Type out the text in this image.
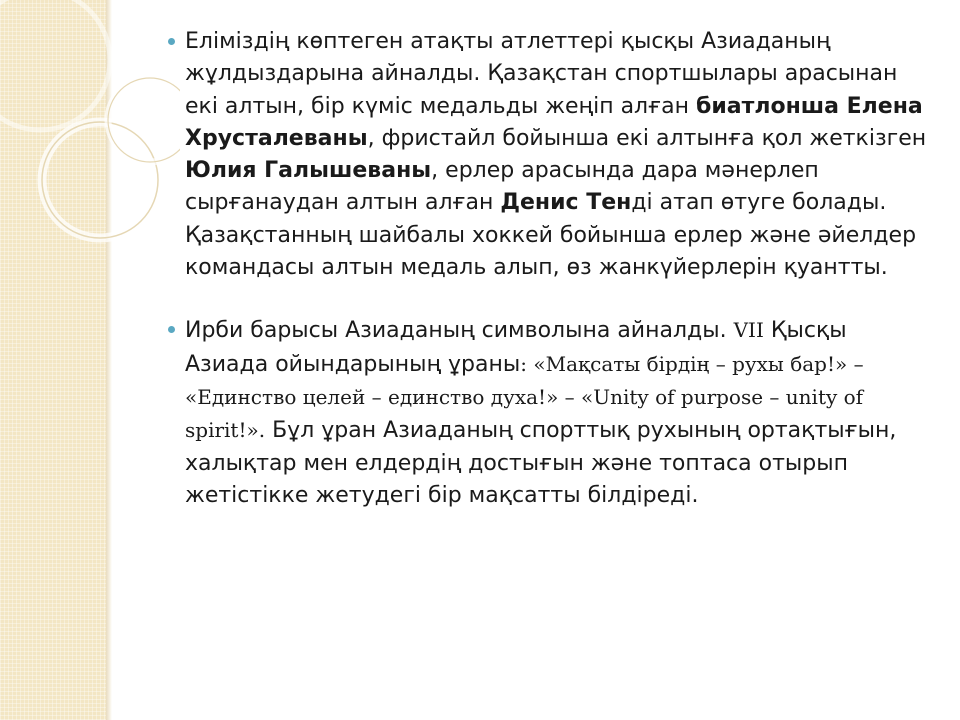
Еліміздің көптеген атақты атлеттері қысқы Азиаданың жұлдыздарына айналды. Қазақстан спортшылары арасынан екі алтын, бір күміс медальды жеңіп алған биатлонша Елена Хрусталеваны, фристайл бойынша екі алтынға қол жеткізген Юлия Галышеваны, ерлер арасында дара мәнерлеп сырғанаудан алтын алған Денис Тенді атап өтуге болады. Қазақстанның шайбалы хоккей бойынша ерлер және әйелдер командасы алтын медаль алып, өз жанкүйерлерін қуантты.

Ирби барысы Азиаданың символына айналды. VII Қысқы Азиада ойындарының ұраны: «Мақсаты бірдің – рухы бар!» – «Единство целей – единство духа!» – «Unity of purpose – unity of spirit!». Бұл ұран Азиаданың спорттық рухының ортақтығын, халықтар мен елдердің достығын және топтаса отырып жетістікке жетудегі бір мақсатты білдіреді.
